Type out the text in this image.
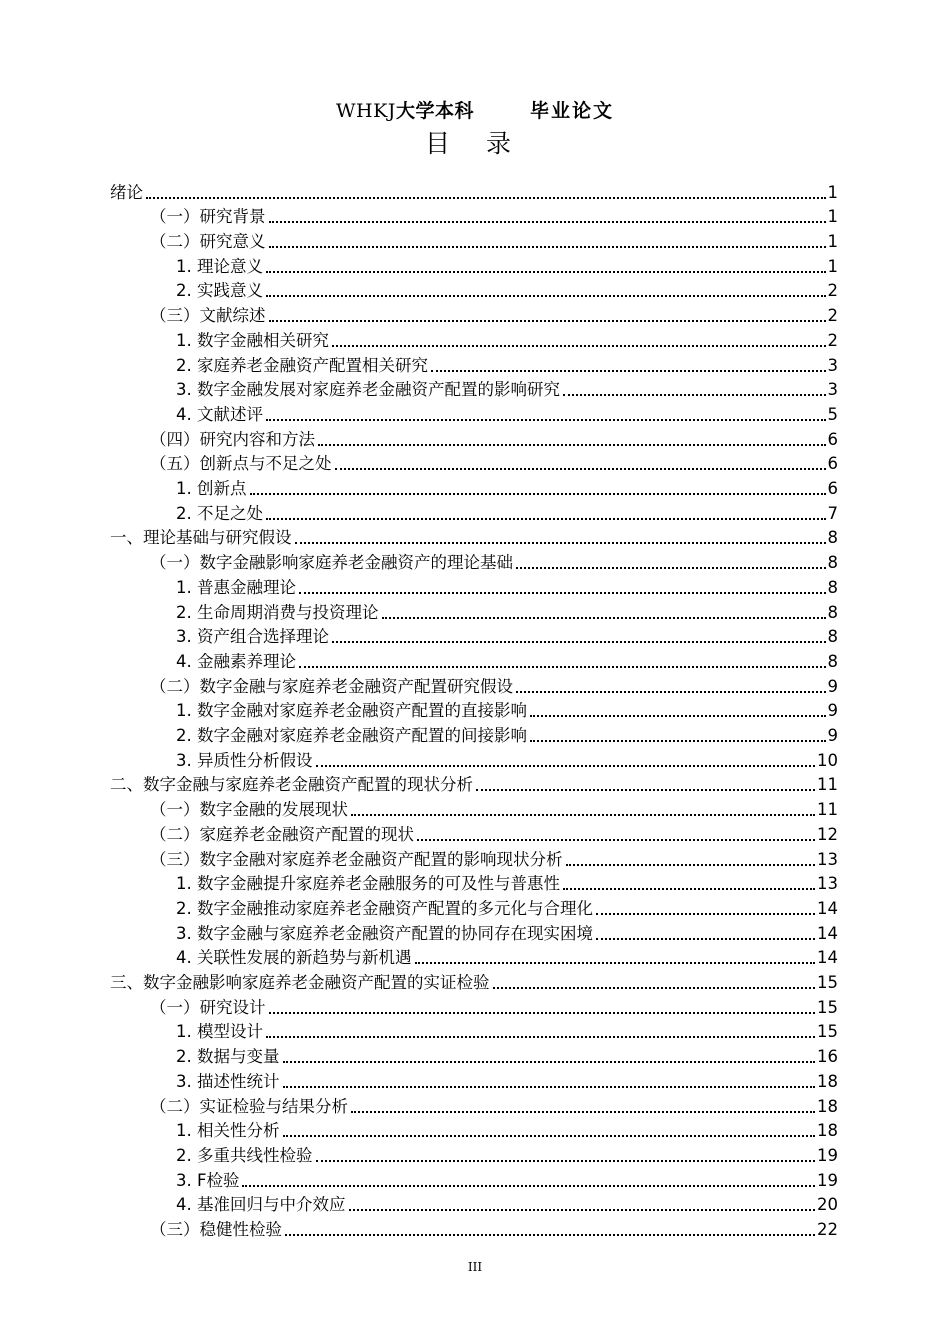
WHKJ大学本科	毕业论文
目 录
绪论	1
（一）研究背景	1
（二）研究意义	1
1. 理论意义	1
2. 实践意义	2
（三）文献综述	2
1. 数字金融相关研究	2
2. 家庭养老金融资产配置相关研究	3
3. 数字金融发展对家庭养老金融资产配置的影响研究	3
4. 文献述评	5
（四）研究内容和方法	6
（五）创新点与不足之处	6
1. 创新点	6
2. 不足之处	7
一、理论基础与研究假设	8
（一）数字金融影响家庭养老金融资产的理论基础	8
1. 普惠金融理论	8
2. 生命周期消费与投资理论	8
3. 资产组合选择理论	8
4. 金融素养理论	8
（二）数字金融与家庭养老金融资产配置研究假设	9
1. 数字金融对家庭养老金融资产配置的直接影响	9
2. 数字金融对家庭养老金融资产配置的间接影响	9
3. 异质性分析假设	10
二、数字金融与家庭养老金融资产配置的现状分析	11
（一）数字金融的发展现状	11
（二）家庭养老金融资产配置的现状	12
（三）数字金融对家庭养老金融资产配置的影响现状分析	13
1. 数字金融提升家庭养老金融服务的可及性与普惠性	13
2. 数字金融推动家庭养老金融资产配置的多元化与合理化	14
3. 数字金融与家庭养老金融资产配置的协同存在现实困境	14
4. 关联性发展的新趋势与新机遇	14
三、数字金融影响家庭养老金融资产配置的实证检验	15
（一）研究设计	15
1. 模型设计	15
2. 数据与变量	16
3. 描述性统计	18
（二）实证检验与结果分析	18
1. 相关性分析	18
2. 多重共线性检验	19
3. F检验	19
4. 基准回归与中介效应	20
（三）稳健性检验	22
III
